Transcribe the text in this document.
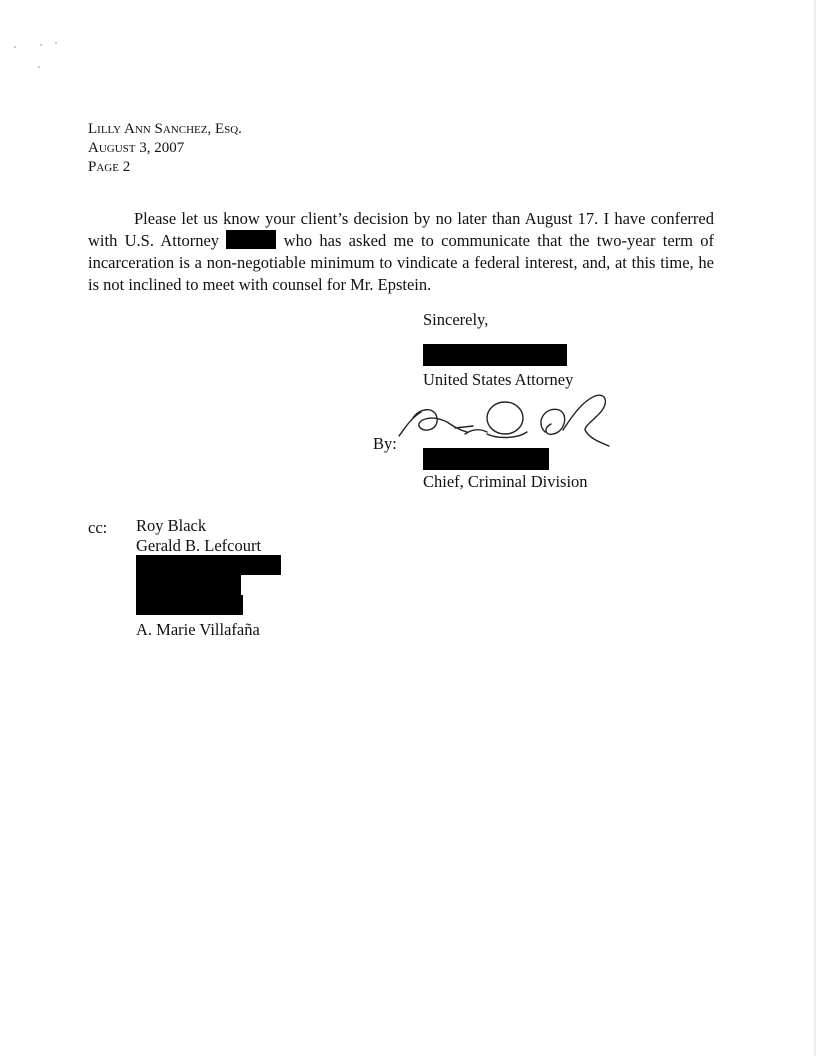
Lilly Ann Sanchez, Esq.
August 3, 2007
Page 2
Please let us know your client’s decision by no later than August 17. I have conferred with U.S. Attorney	who has asked me to communicate that the two-year term of incarceration is a non-negotiable minimum to vindicate a federal interest, and, at this time, he is not inclined to meet with counsel for Mr. Epstein.
Sincerely,
United States Attorney
By:
Chief, Criminal Division
cc: Roy Black
Gerald B. Lefcourt
A. Marie Villafaña
